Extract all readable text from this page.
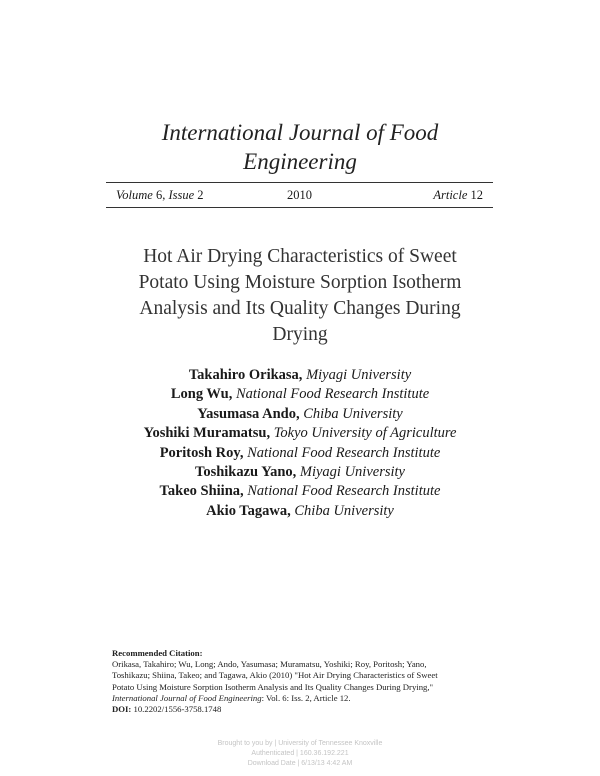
International Journal of Food
Engineering
Volume 6, Issue 2	2010	Article 12
Hot Air Drying Characteristics of Sweet
Potato Using Moisture Sorption Isotherm
Analysis and Its Quality Changes During
Drying
Takahiro Orikasa, Miyagi University
Long Wu, National Food Research Institute
Yasumasa Ando, Chiba University
Yoshiki Muramatsu, Tokyo University of Agriculture
Poritosh Roy, National Food Research Institute
Toshikazu Yano, Miyagi University
Takeo Shiina, National Food Research Institute
Akio Tagawa, Chiba University
Recommended Citation:
Orikasa, Takahiro; Wu, Long; Ando, Yasumasa; Muramatsu, Yoshiki; Roy, Poritosh; Yano,
Toshikazu; Shiina, Takeo; and Tagawa, Akio (2010) "Hot Air Drying Characteristics of Sweet
Potato Using Moisture Sorption Isotherm Analysis and Its Quality Changes During Drying,"
International Journal of Food Engineering: Vol. 6: Iss. 2, Article 12.
DOI: 10.2202/1556-3758.1748
Brought to you by | University of Tennessee Knoxville
Authenticated | 160.36.192.221
Download Date | 6/13/13 4:42 AM
